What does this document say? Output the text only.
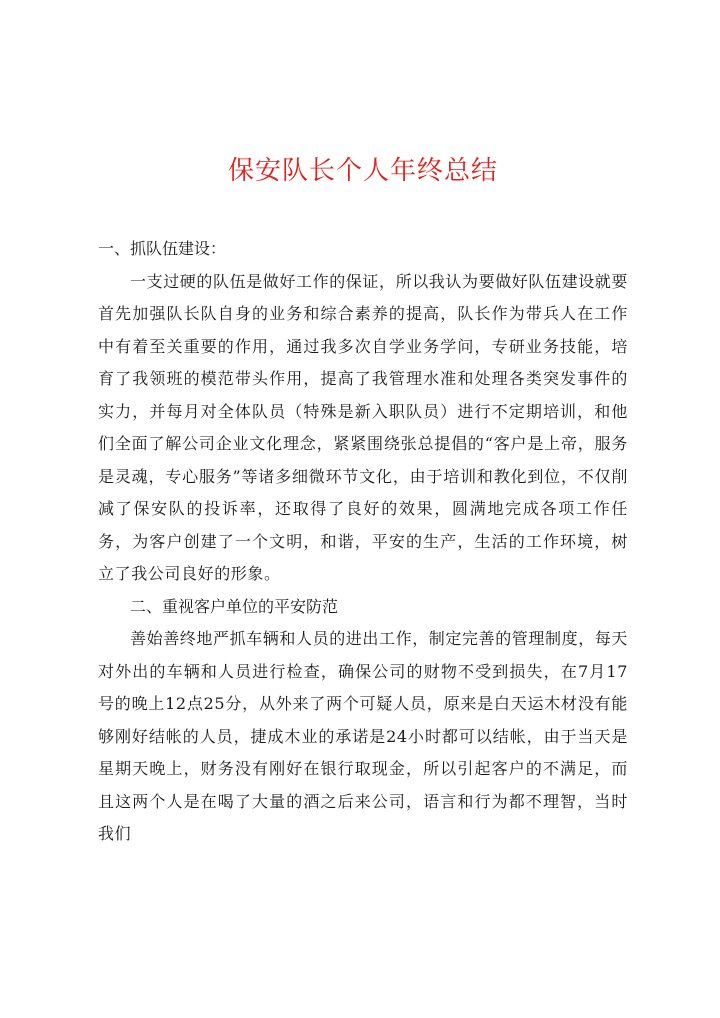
保安队长个人年终总结

一、抓队伍建设：

一支过硬的队伍是做好工作的保证，所以我认为要做好队伍建设就要首先加强队长队自身的业务和综合素养的提高，队长作为带兵人在工作中有着至关重要的作用，通过我多次自学业务学问，专研业务技能，培育了我领班的模范带头作用，提高了我管理水准和处理各类突发事件的实力，并每月对全体队员（特殊是新入职队员）进行不定期培训，和他们全面了解公司企业文化理念，紧紧围绕张总提倡的“客户是上帝，服务是灵魂，专心服务”等诸多细微环节文化，由于培训和教化到位，不仅削减了保安队的投诉率，还取得了良好的效果，圆满地完成各项工作任务，为客户创建了一个文明，和谐，平安的生产，生活的工作环境，树立了我公司良好的形象。

二、重视客户单位的平安防范

善始善终地严抓车辆和人员的进出工作，制定完善的管理制度，每天对外出的车辆和人员进行检查，确保公司的财物不受到损失，在7月17号的晚上12点25分，从外来了两个可疑人员，原来是白天运木材没有能够刚好结帐的人员，捷成木业的承诺是24小时都可以结帐，由于当天是星期天晚上，财务没有刚好在银行取现金，所以引起客户的不满足，而且这两个人是在喝了大量的酒之后来公司，语言和行为都不理智，当时我们
